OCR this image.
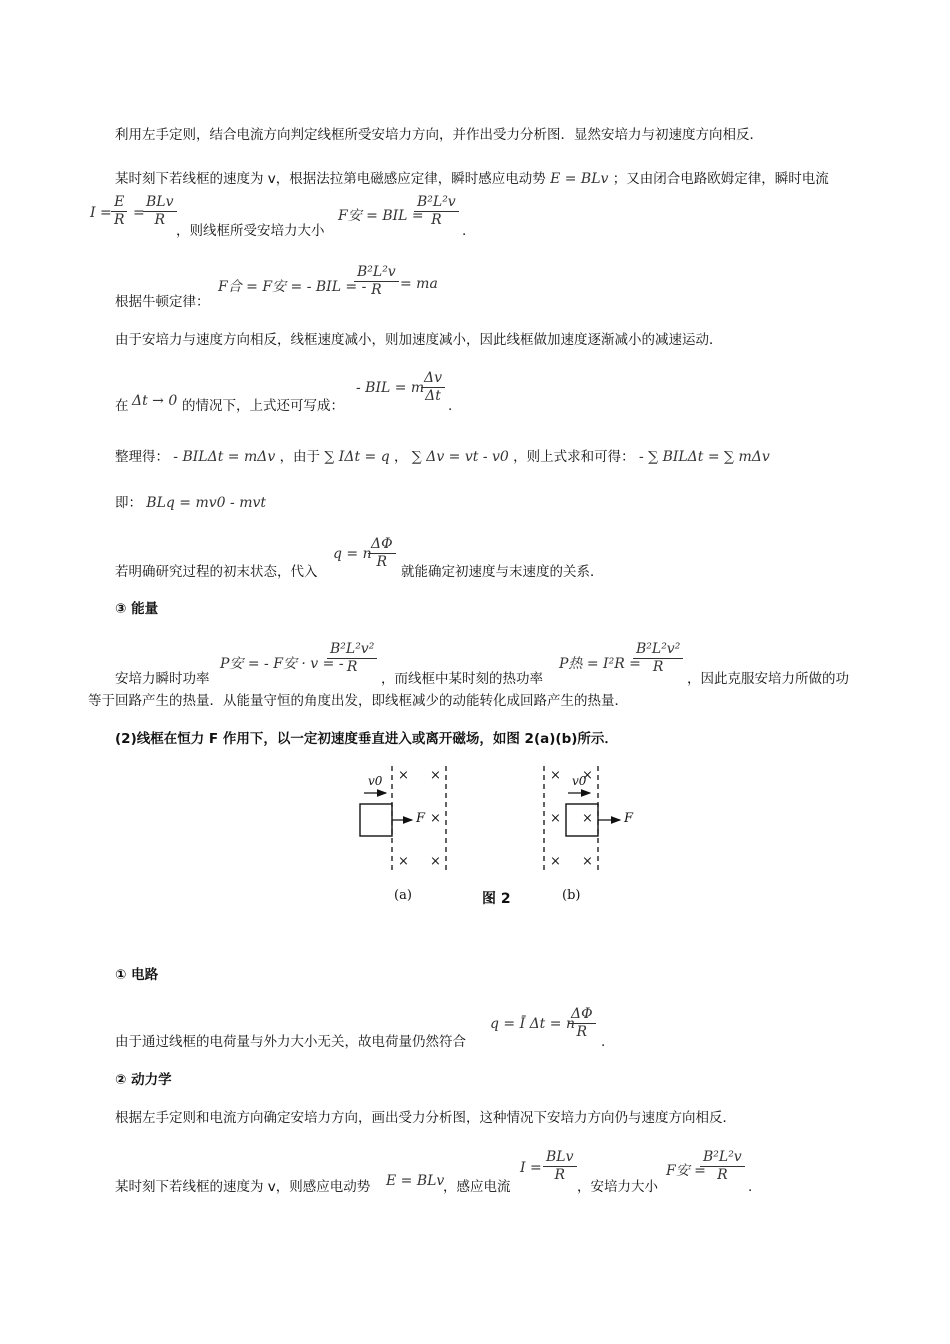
利用左手定则，结合电流方向判定线框所受安培力方向，并作出受力分析图．显然安培力与初速度方向相反．
某时刻下若线框的速度为 v，根据法拉第电磁感应定律，瞬时感应电动势 E = BLv ；又由闭合电路欧姆定律，瞬时电流
$I = \frac{E}{R}$ =
BLv
R
，则线框所受安培力大小
F安 = BIL =
$\frac{\text{B²L²v}}{R}$
.
根据牛顿定律：
F合 = F安 = - BIL = -
$\frac{\text{B²L²v}}{R}$ = ma
由于安培力与速度方向相反，线框速度减小，则加速度减小，因此线框做加速度逐渐减小的减速运动．
在 Δt → 0 的情况下，上式还可写成：
- BIL = m
$\frac{\Delta v}{\Delta t}$
.
整理得： - BILΔt = mΔv ，由于 ∑ IΔt = q ， ∑ Δv = vt - v0 ，则上式求和可得： - ∑ BILΔt = ∑ mΔv
即： BLq = mv0 - mvt
若明确研究过程的初末状态，代入
q = n
$\frac{\Delta\Phi}{R}$
就能确定初速度与末速度的关系．
③ 能量
安培力瞬时功率
P安 = - F安 · v = -
$\frac{\text{B²L²v²}}{R}$
，而线框中某时刻的热功率
P热 = I²R =
$\frac{\text{B²L²v²}}{R}$
，因此克服安培力所做的功
等于回路产生的热量．从能量守恒的角度出发，即线框减少的动能转化成回路产生的热量．
(2)线框在恒力 F 作用下，以一定初速度垂直进入或离开磁场，如图 2(a)(b)所示．
× ×
×
× ×
v0
F
× ×
× ×
× ×
v0
F
(a)	图 2	(b)
① 电路
由于通过线框的电荷量与外力大小无关，故电荷量仍然符合
q = Ī Δt = n
$\frac{\Delta\Phi}{R}$
.
② 动力学
根据左手定则和电流方向确定安培力方向，画出受力分析图，这种情况下安培力方向仍与速度方向相反．
某时刻下若线框的速度为 v，则感应电动势 E = BLv
，感应电流
I =
BLv
R
，安培力大小
F安 =
$\frac{\text{B²L²v}}{R}$
.
